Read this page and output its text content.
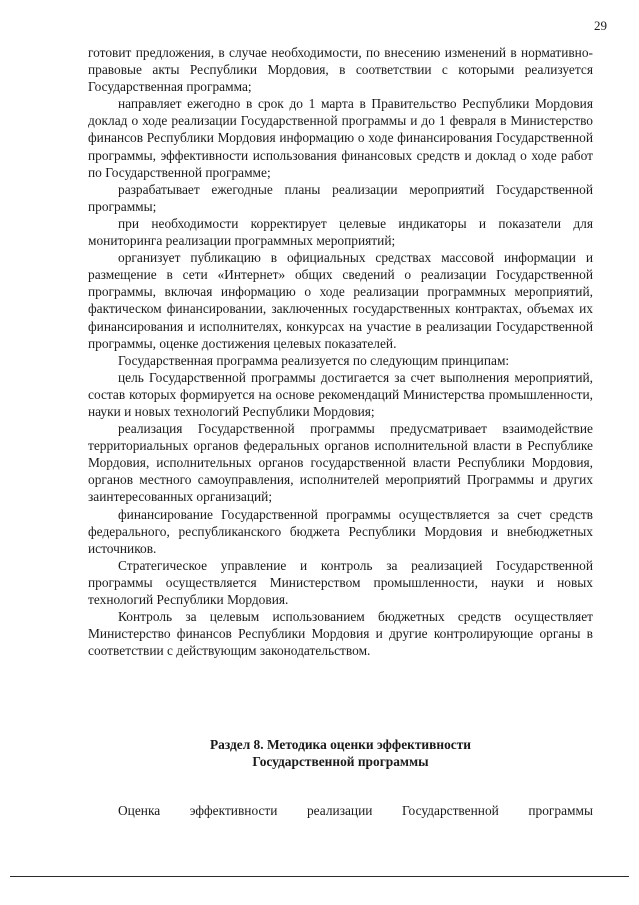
29

готовит предложения, в случае необходимости, по внесению изменений в нормативно-правовые акты Республики Мордовия, в соответствии с которыми реализуется Государственная программа;

направляет ежегодно в срок до 1 марта в Правительство Республики Мордовия доклад о ходе реализации Государственной программы и до 1 февраля в Министерство финансов Республики Мордовия информацию о ходе финансирования Государственной программы, эффективности использования финансовых средств и доклад о ходе работ по Государственной программе;

разрабатывает ежегодные планы реализации мероприятий Государственной программы;

при необходимости корректирует целевые индикаторы и показатели для мониторинга реализации программных мероприятий;

организует публикацию в официальных средствах массовой информации и размещение в сети «Интернет» общих сведений о реализации Государственной программы, включая информацию о ходе реализации программных мероприятий, фактическом финансировании, заключенных государственных контрактах, объемах их финансирования и исполнителях, конкурсах на участие в реализации Государственной программы, оценке достижения целевых показателей.

Государственная программа реализуется по следующим принципам:

цель Государственной программы достигается за счет выполнения мероприятий, состав которых формируется на основе рекомендаций Министерства промышленности, науки и новых технологий Республики Мордовия;

реализация Государственной программы предусматривает взаимодействие территориальных органов федеральных органов исполнительной власти в Республике Мордовия, исполнительных органов государственной власти Республики Мордовия, органов местного самоуправления, исполнителей мероприятий Программы и других заинтересованных организаций;

финансирование Государственной программы осуществляется за счет средств федерального, республиканского бюджета Республики Мордовия и внебюджетных источников.

Стратегическое управление и контроль за реализацией Государственной программы осуществляется Министерством промышленности, науки и новых технологий Республики Мордовия.

Контроль за целевым использованием бюджетных средств осуществляет Министерство финансов Республики Мордовия и другие контролирующие органы в соответствии с действующим законодательством.

Раздел 8. Методика оценки эффективности
Государственной программы

Оценка эффективности реализации Государственной программы
